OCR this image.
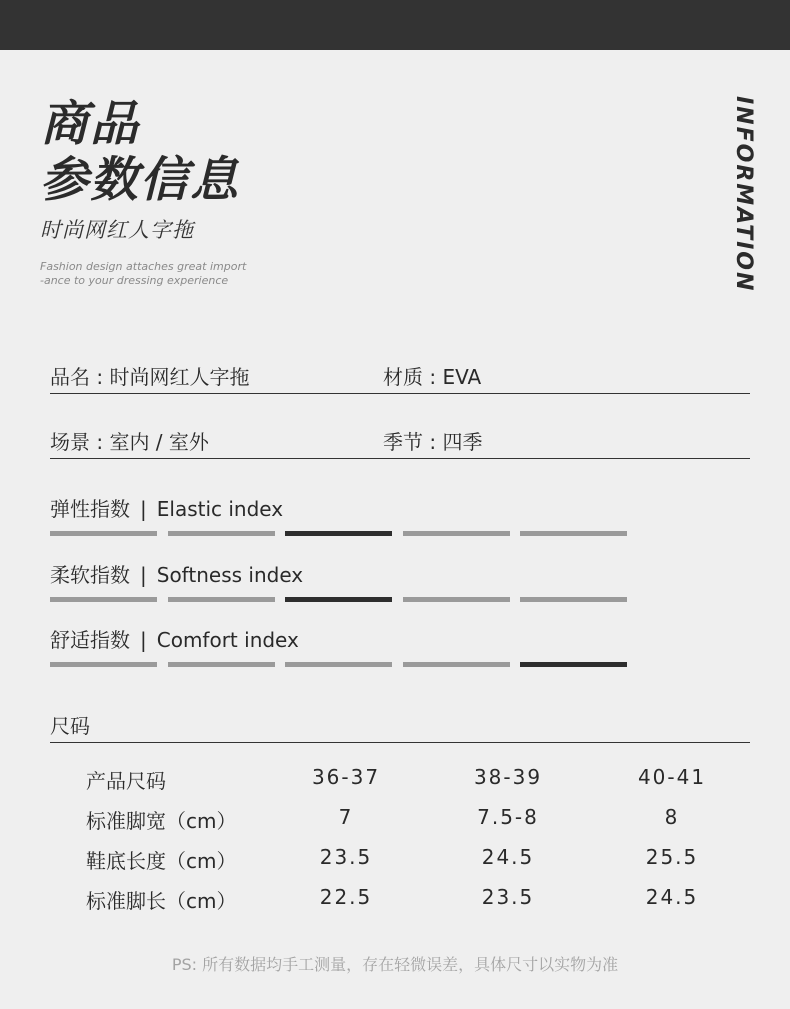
商品
参数信息

时尚网红人字拖

Fashion design attaches great import
-ance to your dressing experience	INFORMATION
品名 : 时尚网红人字拖	材质 : EVA
场景 : 室内 / 室外	季节 : 四季
弹性指数 | Elastic index
柔软指数 | Softness index
舒适指数 | Comfort index
尺码
产品尺码	36-37	38-39	40-41
标准脚宽（cm）	7	7.5-8	8
鞋底长度（cm）	23.5	24.5	25.5
标准脚长（cm）	22.5	23.5	24.5
PS: 所有数据均手工测量，存在轻微误差，具体尺寸以实物为准
